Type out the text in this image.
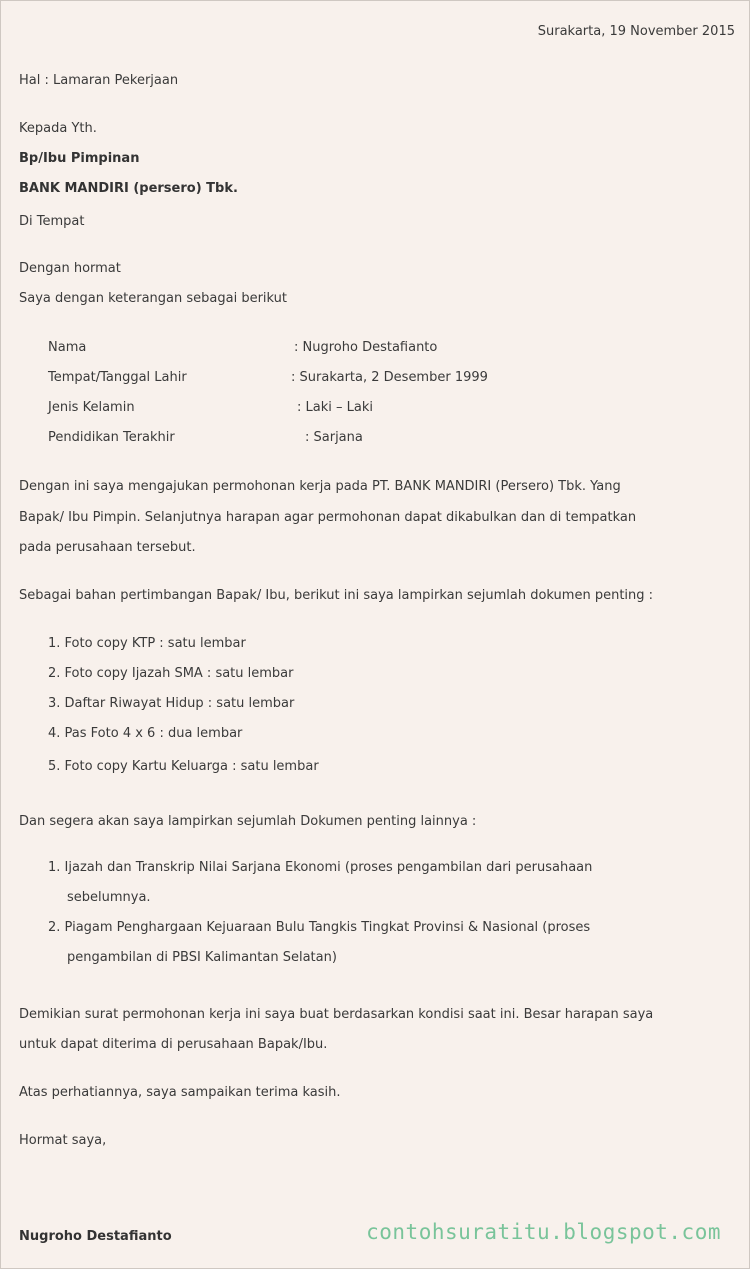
Surakarta, 19 November 2015
Hal : Lamaran Pekerjaan
Kepada Yth.
Bp/Ibu Pimpinan
BANK MANDIRI (persero) Tbk.
Di Tempat
Dengan hormat
Saya dengan keterangan sebagai berikut
Nama	: Nugroho Destafianto
Tempat/Tanggal Lahir	: Surakarta, 2 Desember 1999
Jenis Kelamin	: Laki – Laki
Pendidikan Terakhir	: Sarjana
Dengan ini saya mengajukan permohonan kerja pada PT. BANK MANDIRI (Persero) Tbk. Yang
Bapak/ Ibu Pimpin. Selanjutnya harapan agar permohonan dapat dikabulkan dan di tempatkan
pada perusahaan tersebut.
Sebagai bahan pertimbangan Bapak/ Ibu, berikut ini saya lampirkan sejumlah dokumen penting :
1. Foto copy KTP : satu lembar
2. Foto copy Ijazah SMA : satu lembar
3. Daftar Riwayat Hidup : satu lembar
4. Pas Foto 4 x 6 : dua lembar
5. Foto copy Kartu Keluarga : satu lembar
Dan segera akan saya lampirkan sejumlah Dokumen penting lainnya :
1. Ijazah dan Transkrip Nilai Sarjana Ekonomi (proses pengambilan dari perusahaan
sebelumnya.
2. Piagam Penghargaan Kejuaraan Bulu Tangkis Tingkat Provinsi & Nasional (proses
pengambilan di PBSI Kalimantan Selatan)
Demikian surat permohonan kerja ini saya buat berdasarkan kondisi saat ini. Besar harapan saya
untuk dapat diterima di perusahaan Bapak/Ibu.
Atas perhatiannya, saya sampaikan terima kasih.
Hormat saya,
Nugroho Destafianto	contohsuratitu.blogspot.com
